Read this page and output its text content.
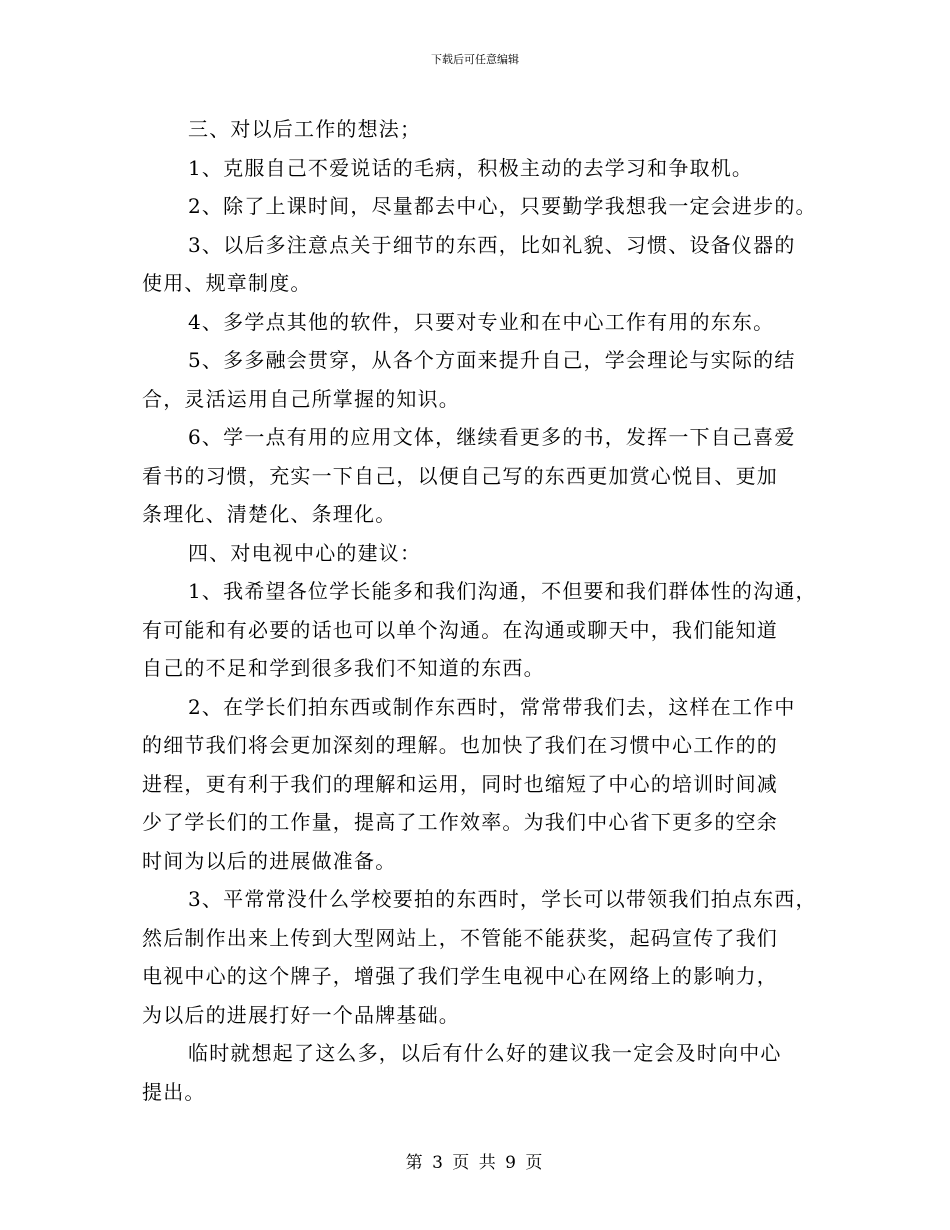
下载后可任意编辑
三、对以后工作的想法；
1、克服自己不爱说话的毛病，积极主动的去学习和争取机。
2、除了上课时间，尽量都去中心，只要勤学我想我一定会进步的。
3、以后多注意点关于细节的东西，比如礼貌、习惯、设备仪器的
使用、规章制度。
4、多学点其他的软件，只要对专业和在中心工作有用的东东。
5、多多融会贯穿，从各个方面来提升自己，学会理论与实际的结
合，灵活运用自己所掌握的知识。
6、学一点有用的应用文体，继续看更多的书，发挥一下自己喜爱
看书的习惯，充实一下自己，以便自己写的东西更加赏心悦目、更加
条理化、清楚化、条理化。
四、对电视中心的建议：
1、我希望各位学长能多和我们沟通，不但要和我们群体性的沟通，
有可能和有必要的话也可以单个沟通。在沟通或聊天中，我们能知道
自己的不足和学到很多我们不知道的东西。
2、在学长们拍东西或制作东西时，常常带我们去，这样在工作中
的细节我们将会更加深刻的理解。也加快了我们在习惯中心工作的的
进程，更有利于我们的理解和运用，同时也缩短了中心的培训时间减
少了学长们的工作量，提高了工作效率。为我们中心省下更多的空余
时间为以后的进展做准备。
3、平常常没什么学校要拍的东西时，学长可以带领我们拍点东西，
然后制作出来上传到大型网站上，不管能不能获奖，起码宣传了我们
电视中心的这个牌子，增强了我们学生电视中心在网络上的影响力，
为以后的进展打好一个品牌基础。
临时就想起了这么多，以后有什么好的建议我一定会及时向中心
提出。
第 3 页 共 9 页
